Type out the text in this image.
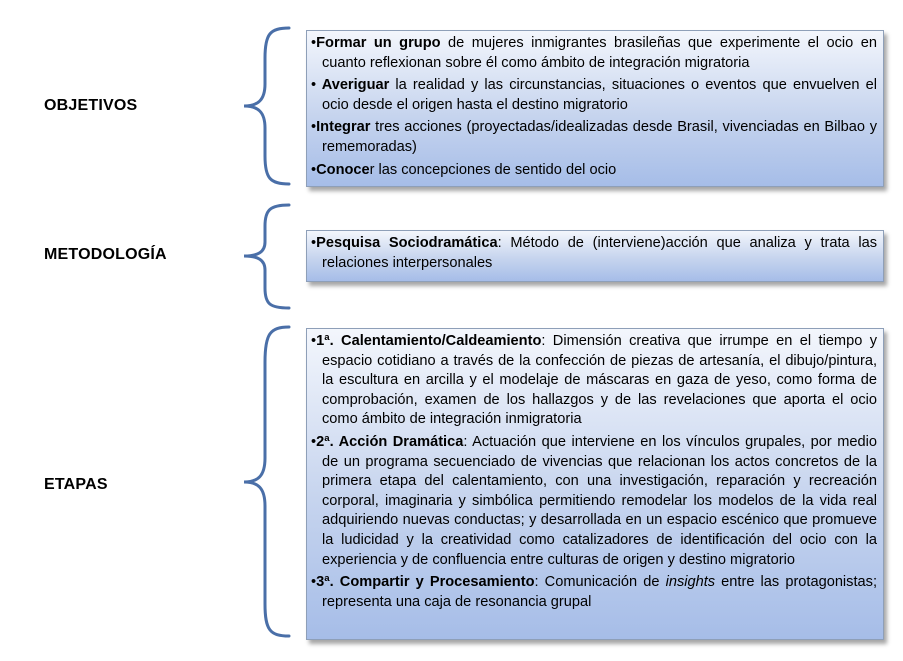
OBJETIVOS
METODOLOGÍA
ETAPAS
•Formar un grupo de mujeres inmigrantes brasileñas que experimente el ocio en cuanto reflexionan sobre él como ámbito de integración migratoria
• Averiguar la realidad y las circunstancias, situaciones o eventos que envuelven el ocio desde el origen hasta el destino migratorio
•Integrar tres acciones (proyectadas/idealizadas desde Brasil, vivenciadas en Bilbao y rememoradas)
•Conocer las concepciones de sentido del ocio
•Pesquisa Sociodramática: Método de (interviene)acción que analiza y trata las relaciones interpersonales
•1ª. Calentamiento/Caldeamiento: Dimensión creativa que irrumpe en el tiempo y espacio cotidiano a través de la confección de piezas de artesanía, el dibujo/pintura, la escultura en arcilla y el modelaje de máscaras en gaza de yeso, como forma de comprobación, examen de los hallazgos y de las revelaciones que aporta el ocio como ámbito de integración inmigratoria
•2ª. Acción Dramática: Actuación que interviene en los vínculos grupales, por medio de un programa secuenciado de vivencias que relacionan los actos concretos de la primera etapa del calentamiento, con una investigación, reparación y recreación corporal, imaginaria y simbólica permitiendo remodelar los modelos de la vida real adquiriendo nuevas conductas; y desarrollada en un espacio escénico que promueve la ludicidad y la creatividad como catalizadores de identificación del ocio con la experiencia y de confluencia entre culturas de origen y destino migratorio
•3ª. Compartir y Procesamiento: Comunicación de insights entre las protagonistas; representa una caja de resonancia grupal
